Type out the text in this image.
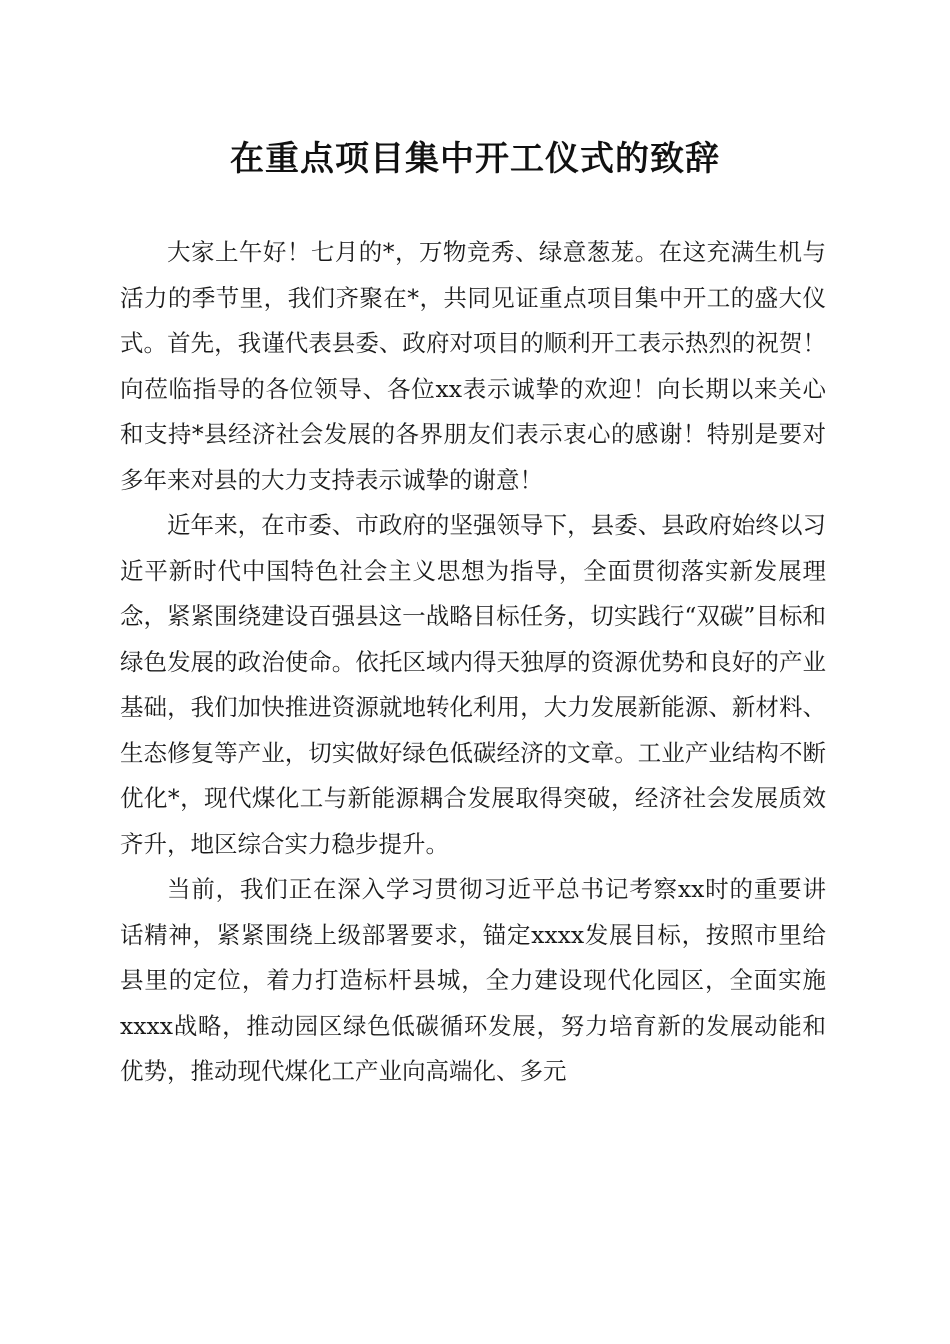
在重点项目集中开工仪式的致辞

大家上午好！七月的*，万物竞秀、绿意葱茏。在这充满生机与活力的季节里，我们齐聚在*，共同见证重点项目集中开工的盛大仪式。首先，我谨代表县委、政府对项目的顺利开工表示热烈的祝贺！向莅临指导的各位领导、各位xx表示诚挚的欢迎！向长期以来关心和支持*县经济社会发展的各界朋友们表示衷心的感谢！特别是要对多年来对县的大力支持表示诚挚的谢意！

近年来，在市委、市政府的坚强领导下，县委、县政府始终以习近平新时代中国特色社会主义思想为指导，全面贯彻落实新发展理念，紧紧围绕建设百强县这一战略目标任务，切实践行“双碳”目标和绿色发展的政治使命。依托区域内得天独厚的资源优势和良好的产业基础，我们加快推进资源就地转化利用，大力发展新能源、新材料、生态修复等产业，切实做好绿色低碳经济的文章。工业产业结构不断优化*，现代煤化工与新能源耦合发展取得突破，经济社会发展质效齐升，地区综合实力稳步提升。

当前，我们正在深入学习贯彻习近平总书记考察xx时的重要讲话精神，紧紧围绕上级部署要求，锚定xxxx发展目标，按照市里给县里的定位，着力打造标杆县城，全力建设现代化园区，全面实施xxxx战略，推动园区绿色低碳循环发展，努力培育新的发展动能和优势，推动现代煤化工产业向高端化、多元
